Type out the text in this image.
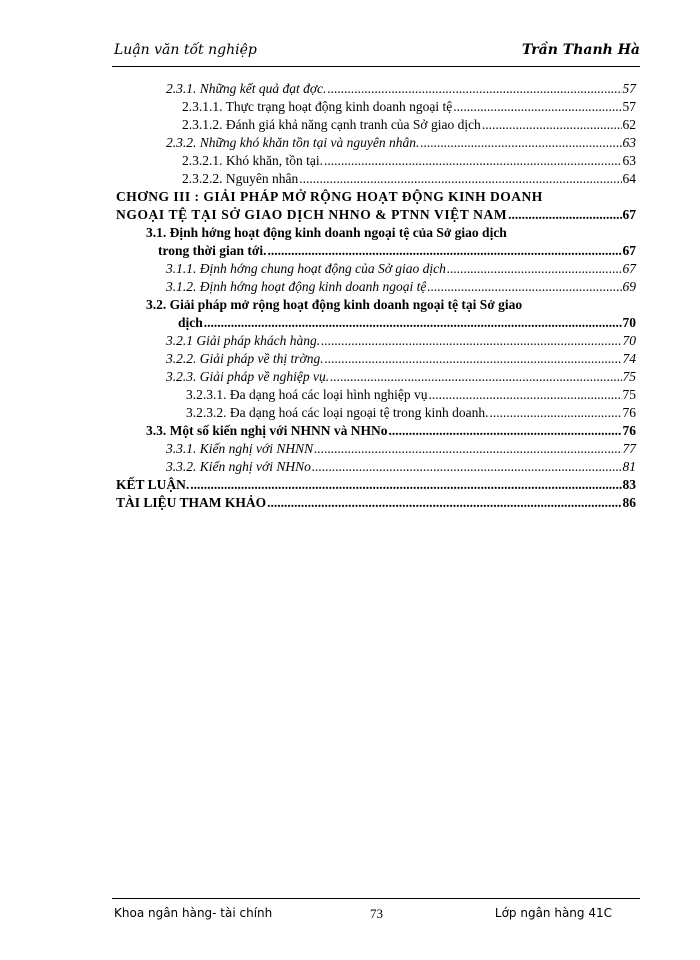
Luận văn tốt nghiệp	Trần Thanh Hà
2.3.1. Những kết quả đạt đợc. .....	57
2.3.1.1. Thực trạng hoạt động kinh doanh ngoại tệ .....	57
2.3.1.2. Đánh giá khả năng cạnh tranh của Sở giao dịch .....	62
2.3.2. Những khó khăn tồn tại và nguyên nhân. .....	63
2.3.2.1. Khó khăn, tồn tại. .....	63
2.3.2.2. Nguyên nhân .....	64
CHƠNG III : GIẢI PHÁP MỞ RỘNG HOẠT ĐỘNG KINH DOANH
NGOẠI TỆ TẠI SỞ GIAO DỊCH NHNO & PTNN VIỆT NAM .....	67
3.1. Định hớng hoạt động kinh doanh ngoại tệ của Sở giao dịch
trong thời gian tới. .....	67
3.1.1. Định hớng chung hoạt động của Sở giao dịch .....	67
3.1.2. Định hớng hoạt động kinh doanh ngoại tệ .....	69
3.2. Giải pháp mở rộng hoạt động kinh doanh ngoại tệ tại Sở giao
dịch .....	70
3.2.1 Giải pháp khách hàng. .....	70
3.2.2. Giải pháp về thị trờng. .....	74
3.2.3. Giải pháp về nghiệp vụ. .....	75
3.2.3.1. Đa dạng hoá các loại hình nghiệp vụ .....	75
3.2.3.2. Đa dạng hoá các loại ngoại tệ trong kinh doanh. .....	76
3.3. Một số kiến nghị với NHNN và NHNo .....	76
3.3.1. Kiến nghị với NHNN .....	77
3.3.2. Kiến nghị với NHNo .....	81
KẾT LUẬN. .....	83
TÀI LIỆU THAM KHẢO .....	86
Khoa ngân hàng- tài chính	73	Lớp ngân hàng 41C
